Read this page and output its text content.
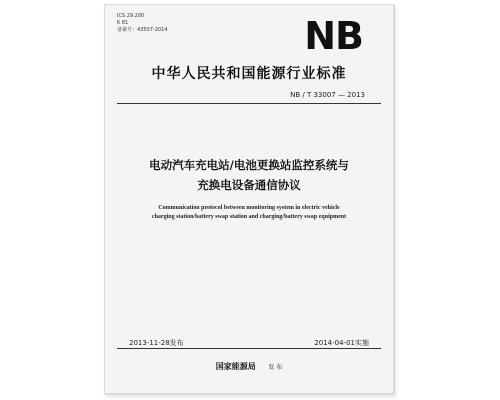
ICS 29.200
K 81
备案号：43507-2014	NB
中华人民共和国能源行业标准
NB / T 33007 — 2013
电动汽车充电站/电池更换站监控系统与
充换电设备通信协议
Communication protocol between monitoring system in electric vehicle
charging station/battery swap station and charging/battery swap equipment
2013-11-28发布	2014-04-01实施
国家能源局 发 布
